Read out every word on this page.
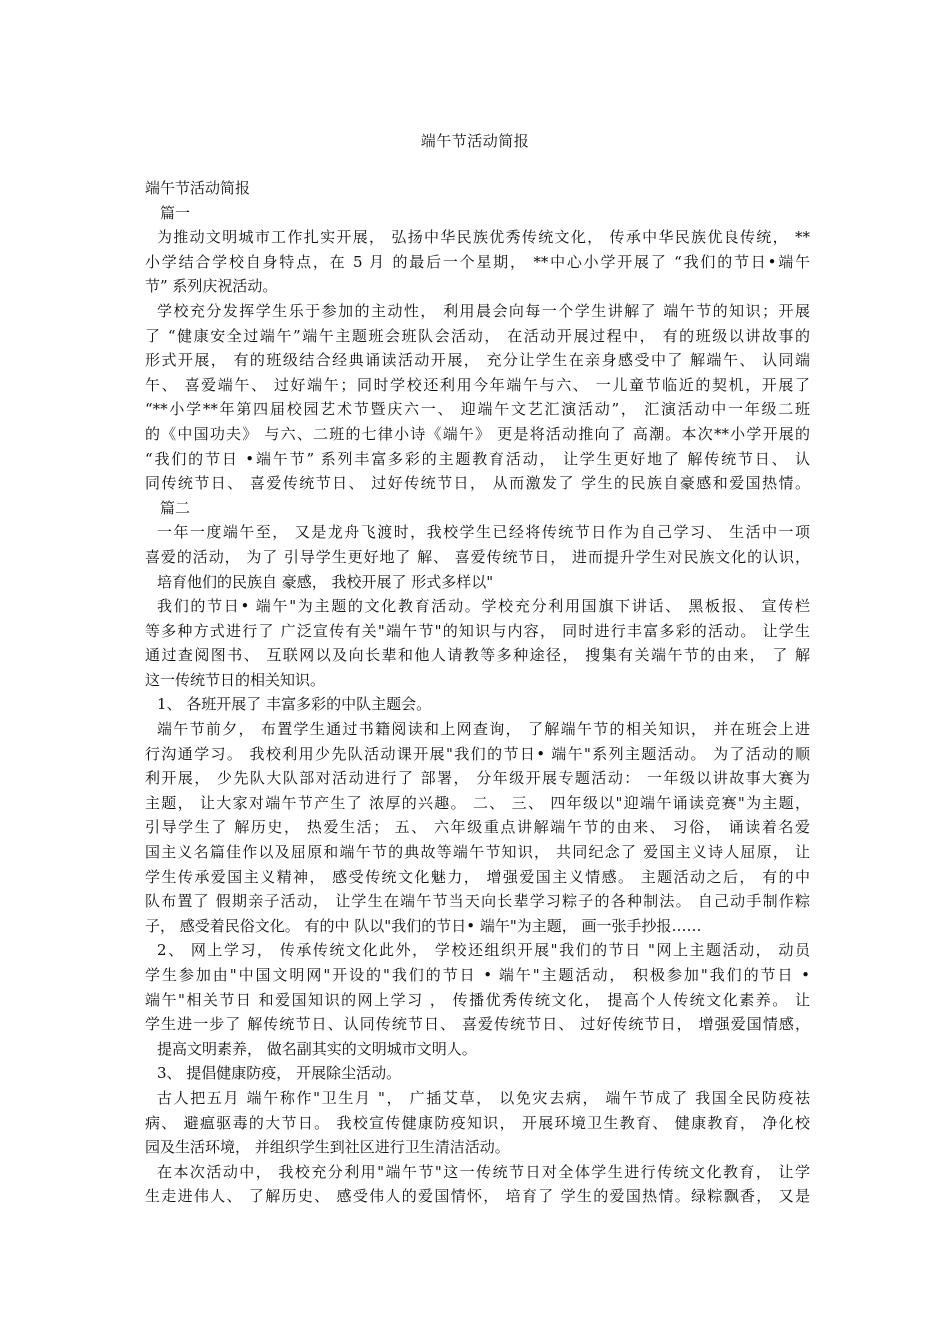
端午节活动简报
端午节活动简报
篇一
为推动文明城市工作扎实开展， 弘扬中华民族优秀传统文化， 传承中华民族优良传统， **
小学结合学校自身特点，在 5 月 的最后一个星期， **中心小学开展了 “我们的节日•端午
节” 系列庆祝活动。
学校充分发挥学生乐于参加的主动性， 利用晨会向每一个学生讲解了 端午节的知识；开展
了 “健康安全过端午”端午主题班会班队会活动， 在活动开展过程中， 有的班级以讲故事的
形式开展， 有的班级结合经典诵读活动开展， 充分让学生在亲身感受中了 解端午、 认同端
午、 喜爱端午、 过好端午；同时学校还利用今年端午与六、 一儿童节临近的契机，开展了
“**小学**年第四届校园艺术节暨庆六一、 迎端午文艺汇演活动”， 汇演活动中一年级二班
的《中国功夫》 与六、二班的七律小诗《端午》 更是将活动推向了 高潮。本次**小学开展的
“我们的节日 •端午节” 系列丰富多彩的主题教育活动， 让学生更好地了 解传统节日、 认
同传统节日、 喜爱传统节日、 过好传统节日， 从而激发了 学生的民族自豪感和爱国热情。
篇二
一年一度端午至， 又是龙舟飞渡时，我校学生已经将传统节日作为自己学习、 生活中一项
喜爱的活动， 为了 引导学生更好地了 解、 喜爱传统节日， 进而提升学生对民族文化的认识，
培育他们的民族自 豪感， 我校开展了 形式多样以"
我们的节日• 端午"为主题的文化教育活动。学校充分利用国旗下讲话、 黑板报、 宣传栏
等多种方式进行了 广泛宣传有关"端午节"的知识与内容， 同时进行丰富多彩的活动。 让学生
通过查阅图书、 互联网以及向长辈和他人请教等多种途径， 搜集有关端午节的由来， 了 解
这一传统节日的相关知识。
1、 各班开展了 丰富多彩的中队主题会。
端午节前夕， 布置学生通过书籍阅读和上网查询， 了解端午节的相关知识， 并在班会上进
行沟通学习。 我校利用少先队活动课开展"我们的节日• 端午"系列主题活动。 为了活动的顺
利开展， 少先队大队部对活动进行了 部署， 分年级开展专题活动： 一年级以讲故事大赛为
主题， 让大家对端午节产生了 浓厚的兴趣。 二、 三、 四年级以"迎端午诵读竞赛"为主题，
引导学生了 解历史， 热爱生活； 五、 六年级重点讲解端午节的由来、 习俗， 诵读着名爱
国主义名篇佳作以及屈原和端午节的典故等端午节知识， 共同纪念了 爱国主义诗人屈原， 让
学生传承爱国主义精神， 感受传统文化魅力， 增强爱国主义情感。 主题活动之后， 有的中
队布置了 假期亲子活动， 让学生在端午节当天向长辈学习粽子的各种制法。 自己动手制作粽
子， 感受着民俗文化。 有的中 队以"我们的节日• 端午"为主题， 画一张手抄报……
2、 网上学习， 传承传统文化此外， 学校还组织开展"我们的节日 "网上主题活动， 动员
学生参加由"中国文明网"开设的"我们的节日 • 端午"主题活动， 积极参加"我们的节日 •
端午"相关节日 和爱国知识的网上学习 ， 传播优秀传统文化， 提高个人传统文化素养。 让
学生进一步了 解传统节日、认同传统节日、 喜爱传统节日、 过好传统节日， 增强爱国情感，
提高文明素养， 做名副其实的文明城市文明人。
3、 提倡健康防疫， 开展除尘活动。
古人把五月 端午称作"卫生月 "， 广插艾草， 以免灾去病， 端午节成了 我国全民防疫祛
病、 避瘟驱毒的大节日。 我校宣传健康防疫知识， 开展环境卫生教育、 健康教育， 净化校
园及生活环境， 并组织学生到社区进行卫生清洁活动。
在本次活动中， 我校充分利用"端午节"这一传统节日对全体学生进行传统文化教育， 让学
生走进伟人、 了解历史、 感受伟人的爱国情怀， 培育了 学生的爱国热情。绿粽飘香， 又是
